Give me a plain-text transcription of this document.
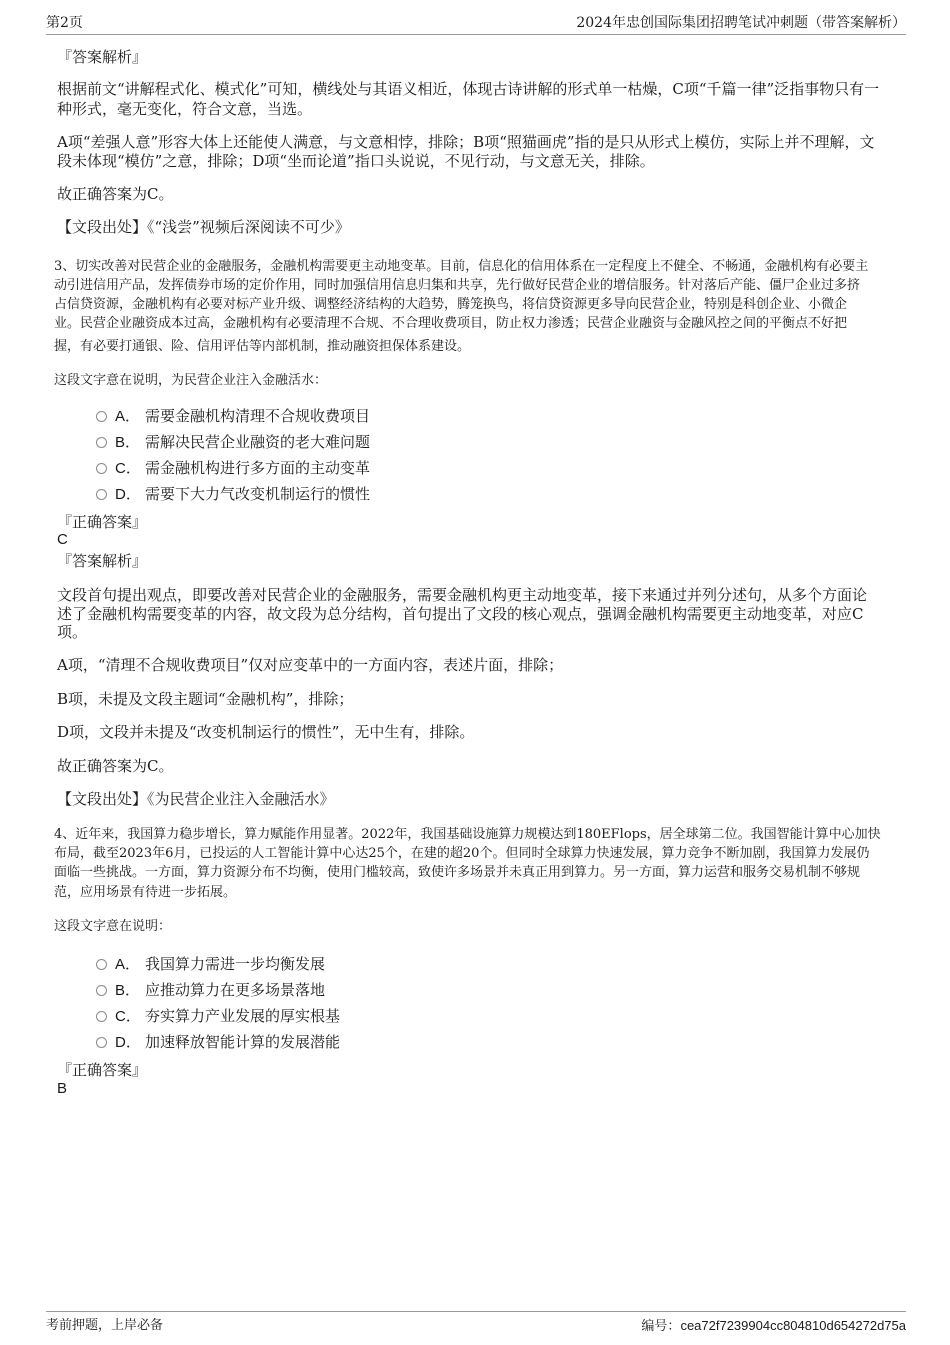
第2页	2024年忠创国际集团招聘笔试冲刺题（带答案解析）
『答案解析』
根据前文“讲解程式化、模式化”可知，横线处与其语义相近，体现古诗讲解的形式单一枯燥，C项“千篇一律”泛指事物只有一
种形式，毫无变化，符合文意，当选。
A项“差强人意”形容大体上还能使人满意，与文意相悖，排除；B项“照猫画虎”指的是只从形式上模仿，实际上并不理解，文
段未体现“模仿”之意，排除；D项“坐而论道”指口头说说，不见行动，与文意无关，排除。
故正确答案为C。
【文段出处】《“浅尝”视频后深阅读不可少》
3、切实改善对民营企业的金融服务，金融机构需要更主动地变革。目前，信息化的信用体系在一定程度上不健全、不畅通，金融机构有必要主
动引进信用产品，发挥债券市场的定价作用，同时加强信用信息归集和共享，先行做好民营企业的增信服务。针对落后产能、僵尸企业过多挤
占信贷资源，金融机构有必要对标产业升级、调整经济结构的大趋势，腾笼换鸟，将信贷资源更多导向民营企业，特别是科创企业、小微企
业。民营企业融资成本过高，金融机构有必要清理不合规、不合理收费项目，防止权力渗透；民营企业融资与金融风控之间的平衡点不好把
握，有必要打通银、险、信用评估等内部机制，推动融资担保体系建设。
这段文字意在说明，为民营企业注入金融活水：
A． 需要金融机构清理不合规收费项目
B． 需解决民营企业融资的老大难问题
C． 需金融机构进行多方面的主动变革
D． 需要下大力气改变机制运行的惯性
『正确答案』
C
『答案解析』
文段首句提出观点，即要改善对民营企业的金融服务，需要金融机构更主动地变革，接下来通过并列分述句，从多个方面论
述了金融机构需要变革的内容，故文段为总分结构，首句提出了文段的核心观点，强调金融机构需要更主动地变革，对应C
项。
A项，“清理不合规收费项目”仅对应变革中的一方面内容，表述片面，排除；
B项，未提及文段主题词“金融机构”，排除；
D项，文段并未提及“改变机制运行的惯性”，无中生有，排除。
故正确答案为C。
【文段出处】《为民营企业注入金融活水》
4、近年来，我国算力稳步增长，算力赋能作用显著。2022年，我国基础设施算力规模达到180EFlops，居全球第二位。我国智能计算中心加快
布局，截至2023年6月，已投运的人工智能计算中心达25个，在建的超20个。但同时全球算力快速发展，算力竞争不断加剧，我国算力发展仍
面临一些挑战。一方面，算力资源分布不均衡，使用门槛较高，致使许多场景并未真正用到算力。另一方面，算力运营和服务交易机制不够规
范，应用场景有待进一步拓展。
这段文字意在说明：
A． 我国算力需进一步均衡发展
B． 应推动算力在更多场景落地
C． 夯实算力产业发展的厚实根基
D． 加速释放智能计算的发展潜能
『正确答案』
B
考前押题，上岸必备	编号：cea72f7239904cc804810d654272d75a
